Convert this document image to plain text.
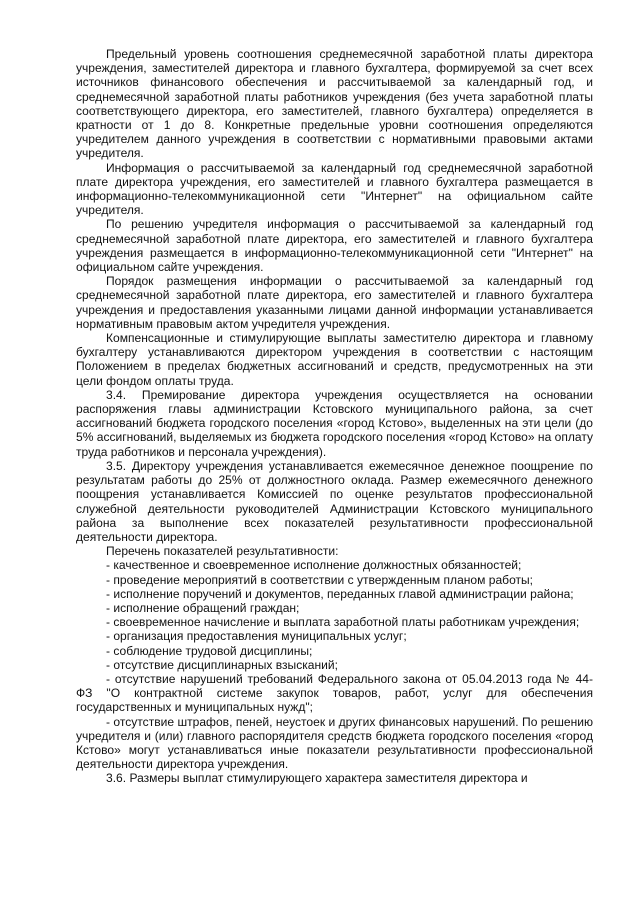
Предельный уровень соотношения среднемесячной заработной платы директора учреждения, заместителей директора и главного бухгалтера, формируемой за счет всех источников финансового обеспечения и рассчитываемой за календарный год, и среднемесячной заработной платы работников учреждения (без учета заработной платы соответствующего директора, его заместителей, главного бухгалтера) определяется в кратности от 1 до 8. Конкретные предельные уровни соотношения определяются учредителем данного учреждения в соответствии с нормативными правовыми актами учредителя.

Информация о рассчитываемой за календарный год среднемесячной заработной плате директора учреждения, его заместителей и главного бухгалтера размещается в информационно-телекоммуникационной сети "Интернет" на официальном сайте учредителя.

По решению учредителя информация о рассчитываемой за календарный год среднемесячной заработной плате директора, его заместителей и главного бухгалтера учреждения размещается в информационно-телекоммуникационной сети "Интернет" на официальном сайте учреждения.

Порядок размещения информации о рассчитываемой за календарный год среднемесячной заработной плате директора, его заместителей и главного бухгалтера учреждения и предоставления указанными лицами данной информации устанавливается нормативным правовым актом учредителя учреждения.

Компенсационные и стимулирующие выплаты заместителю директора и главному бухгалтеру устанавливаются директором учреждения в соответствии с настоящим Положением в пределах бюджетных ассигнований и средств, предусмотренных на эти цели фондом оплаты труда.

3.4. Премирование директора учреждения осуществляется на основании распоряжения главы администрации Кстовского муниципального района, за счет ассигнований бюджета городского поселения «город Кстово», выделенных на эти цели (до 5% ассигнований, выделяемых из бюджета городского поселения «город Кстово» на оплату труда работников и персонала учреждения).

3.5. Директору учреждения устанавливается ежемесячное денежное поощрение по результатам работы до 25% от должностного оклада. Размер ежемесячного денежного поощрения устанавливается Комиссией по оценке результатов профессиональной служебной деятельности руководителей Администрации Кстовского муниципального района за выполнение всех показателей результативности профессиональной деятельности директора.

Перечень показателей результативности:

- качественное и своевременное исполнение должностных обязанностей;

- проведение мероприятий в соответствии с утвержденным планом работы;

- исполнение поручений и документов, переданных главой администрации района;

- исполнение обращений граждан;

- своевременное начисление и выплата заработной платы работникам учреждения;

- организация предоставления муниципальных услуг;

- соблюдение трудовой дисциплины;

- отсутствие дисциплинарных взысканий;

- отсутствие нарушений требований Федерального закона от 05.04.2013 года № 44-ФЗ "О контрактной системе закупок товаров, работ, услуг для обеспечения государственных и муниципальных нужд";

- отсутствие штрафов, пеней, неустоек и других финансовых нарушений. По решению учредителя и (или) главного распорядителя средств бюджета городского поселения «город Кстово» могут устанавливаться иные показатели результативности профессиональной деятельности директора учреждения.

3.6. Размеры выплат стимулирующего характера заместителя директора и
